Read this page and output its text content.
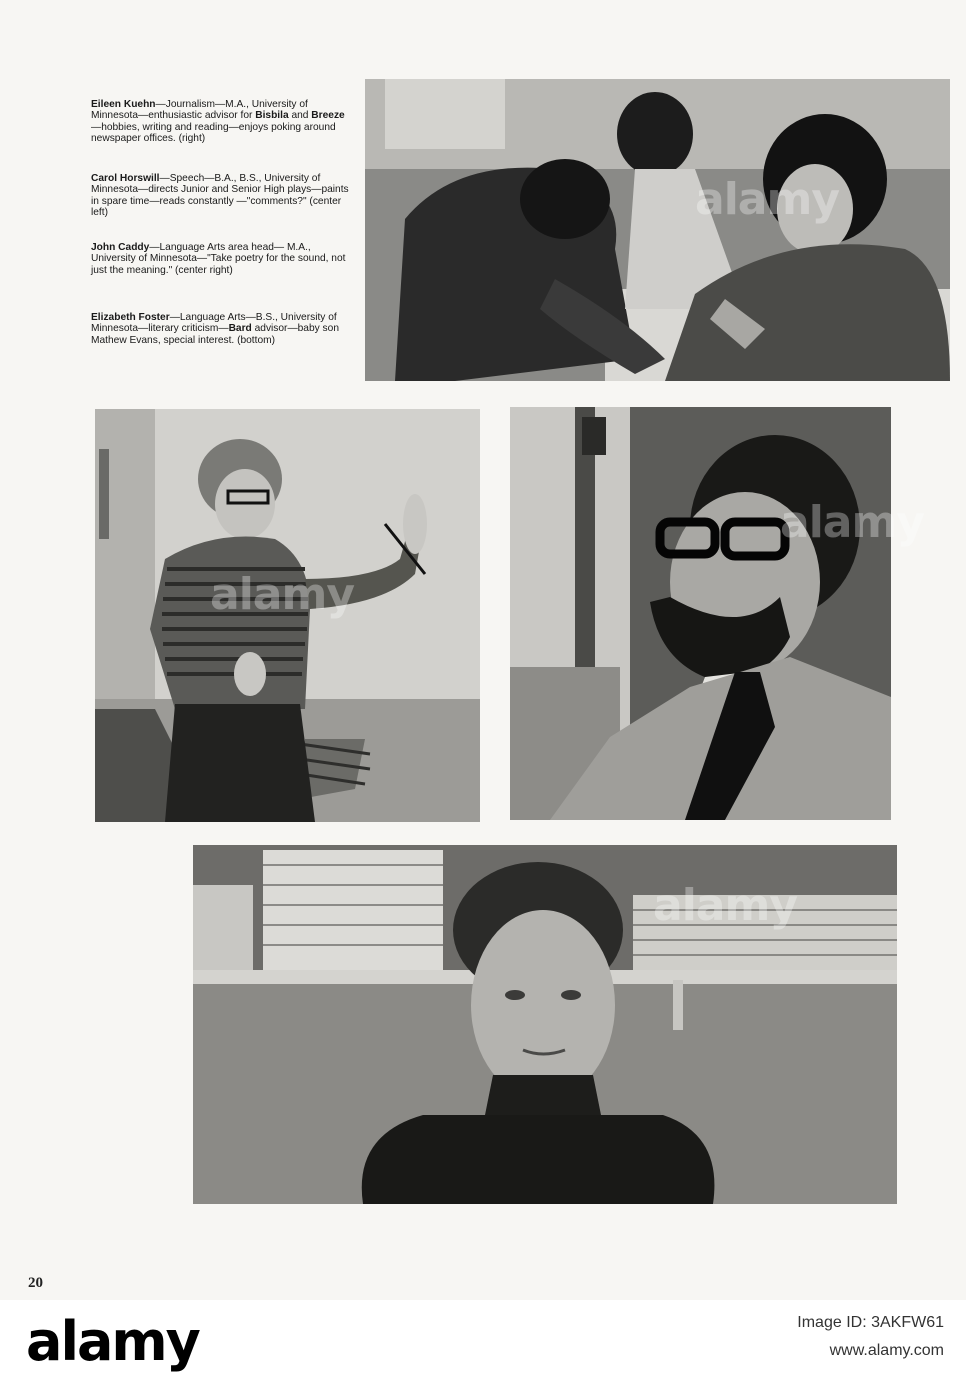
Eileen Kuehn—Journalism—M.A., University of Minnesota—enthusiastic advisor for Bisbila and Breeze—hobbies, writing and reading—enjoys poking around newspaper offices. (right)
Carol Horswill—Speech—B.A., B.S., University of Minnesota—directs Junior and Senior High plays—paints in spare time—reads constantly —"comments?" (center left)
John Caddy—Language Arts area head— M.A., University of Minnesota—"Take poetry for the sound, not just the meaning." (center right)
Elizabeth Foster—Language Arts—B.S., University of Minnesota—literary criticism—Bard advisor—baby son Mathew Evans, special interest. (bottom)
alamy
alamy
alamy
alamy
20
alamy	Image ID: 3AKFW61
www.alamy.com
